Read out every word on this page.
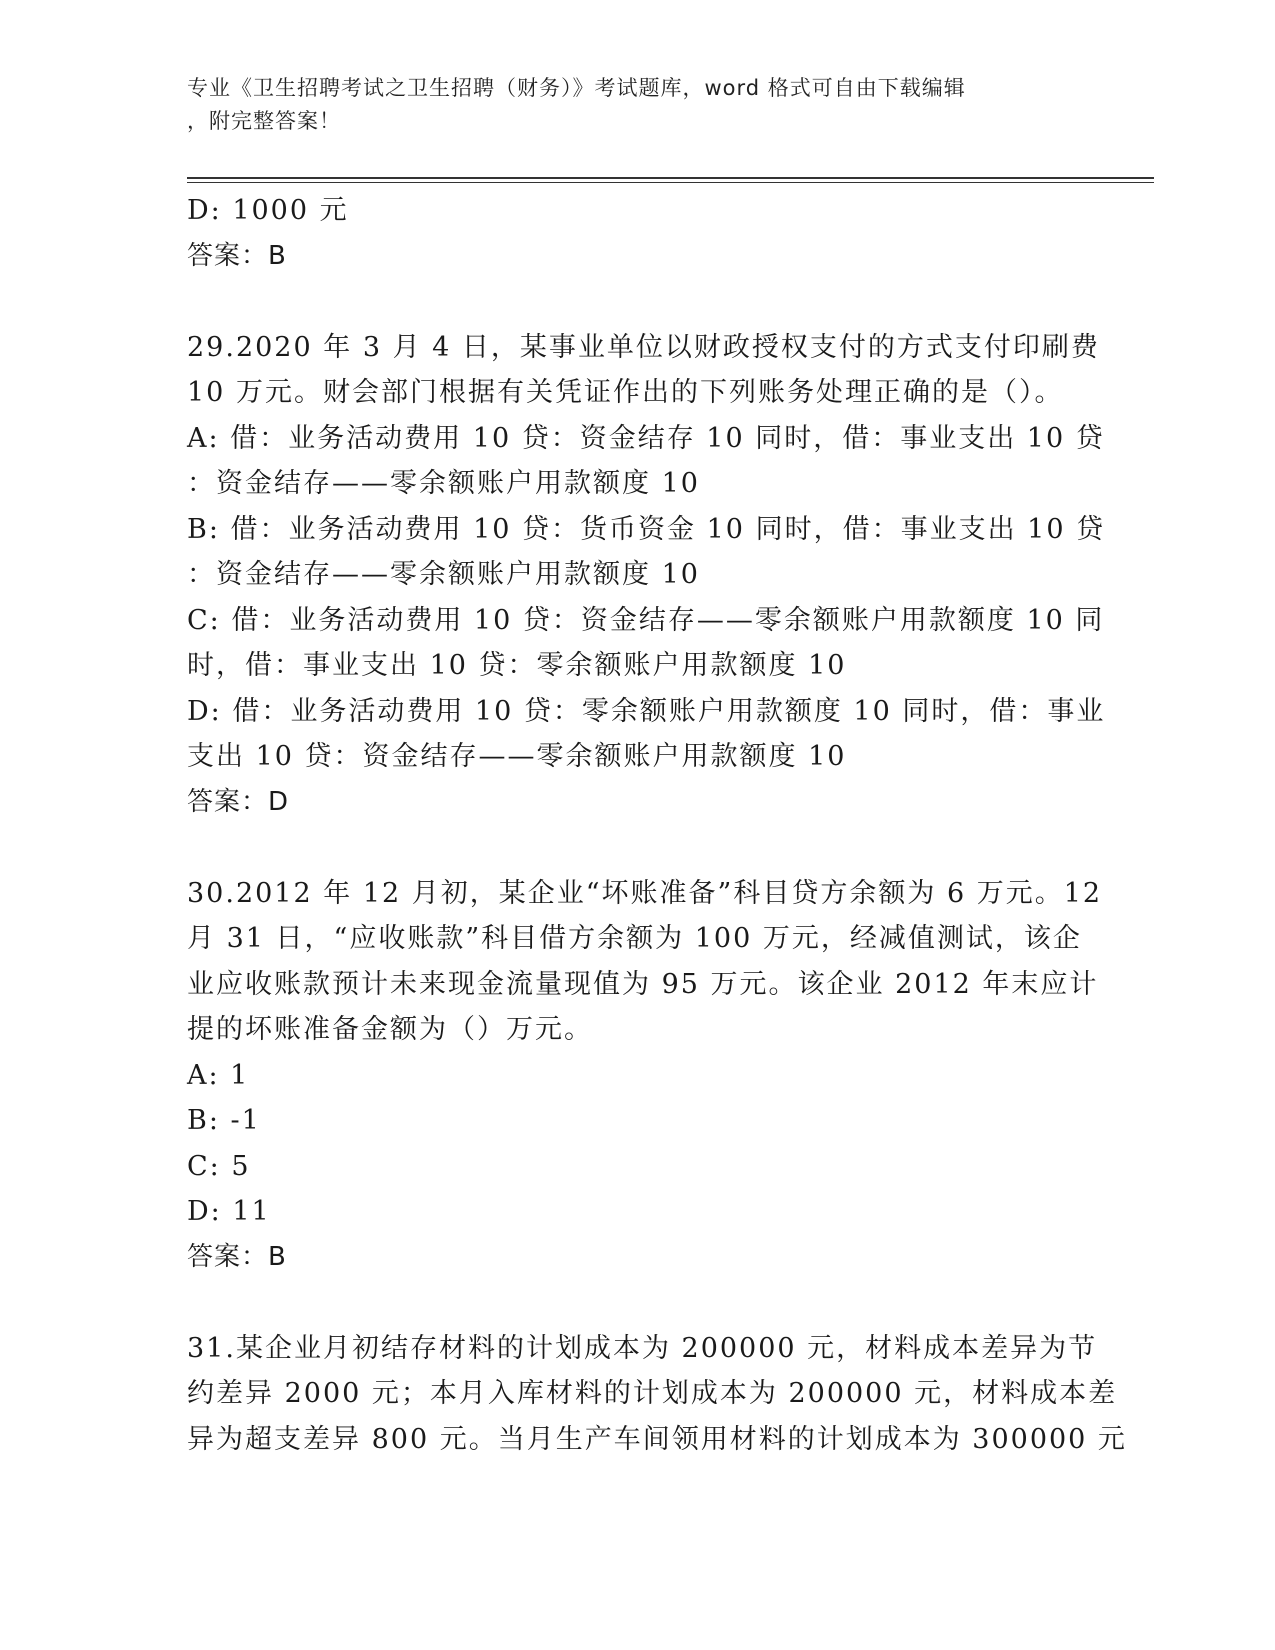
专业《卫生招聘考试之卫生招聘（财务）》考试题库，word 格式可自由下载编辑
，附完整答案！
D: 1000 元
答案：B
29.2020 年 3 月 4 日，某事业单位以财政授权支付的方式支付印刷费
10 万元。财会部门根据有关凭证作出的下列账务处理正确的是（）。
A: 借：业务活动费用 10 贷：资金结存 10 同时，借：事业支出 10 贷
：资金结存——零余额账户用款额度 10
B: 借：业务活动费用 10 贷：货币资金 10 同时，借：事业支出 10 贷
：资金结存——零余额账户用款额度 10
C: 借：业务活动费用 10 贷：资金结存——零余额账户用款额度 10 同
时，借：事业支出 10 贷：零余额账户用款额度 10
D: 借：业务活动费用 10 贷：零余额账户用款额度 10 同时，借：事业
支出 10 贷：资金结存——零余额账户用款额度 10
答案：D
30.2012 年 12 月初，某企业“坏账准备”科目贷方余额为 6 万元。12
月 31 日，“应收账款”科目借方余额为 100 万元，经减值测试，该企
业应收账款预计未来现金流量现值为 95 万元。该企业 2012 年末应计
提的坏账准备金额为（）万元。
A: 1
B: -1
C: 5
D: 11
答案：B
31.某企业月初结存材料的计划成本为 200000 元，材料成本差异为节
约差异 2000 元；本月入库材料的计划成本为 200000 元，材料成本差
异为超支差异 800 元。当月生产车间领用材料的计划成本为 300000 元
